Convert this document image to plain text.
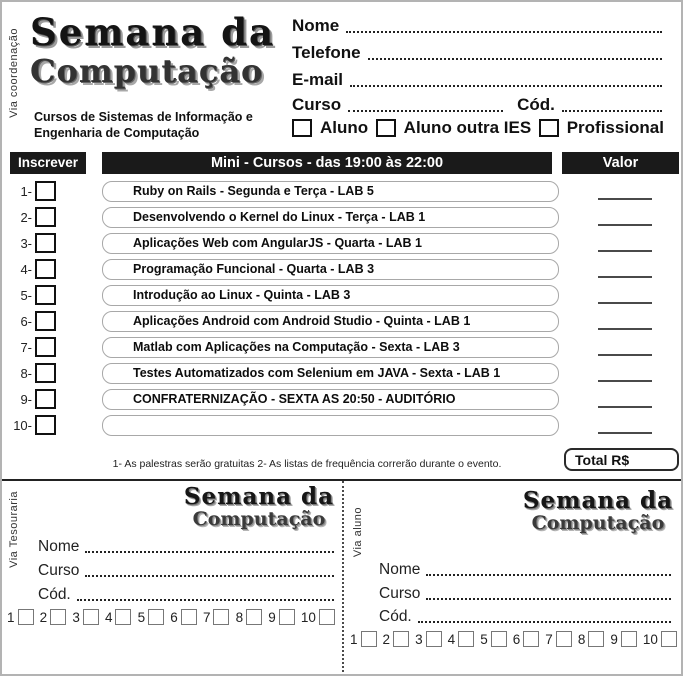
Via coordenação Semana da
Computação
Cursos de Sistemas de Informação e
Engenharia de Computação
Nome
Telefone
E-mail
Curso	Cód.
Aluno Aluno outra IES Profissional
Inscrever	Mini - Cursos - das 19:00 às 22:00	Valor
1-	Ruby on Rails - Segunda e Terça - LAB 5
2-	Desenvolvendo o Kernel do Linux - Terça - LAB 1
3-	Aplicações Web com AngularJS - Quarta - LAB 1
4-	Programação Funcional - Quarta - LAB 3
5-	Introdução ao Linux - Quinta - LAB 3
6-	Aplicações Android com Android Studio - Quinta - LAB 1
7-	Matlab com Aplicações na Computação - Sexta - LAB 3
8-	Testes Automatizados com Selenium em JAVA - Sexta - LAB 1
9-	CONFRATERNIZAÇÃO - SEXTA AS 20:50 - AUDITÓRIO
10-
1- As palestras serão gratuitas 2- As listas de frequência correrão durante o evento.	Total R$
Via Tesouraria	Semana da
Computação
Nome
Curso
Cód.
1 2 3 4 5 6 7 8 9 10
Via aluno
Semana da
Computação
Nome
Curso
Cód.
1 2 3 4 5 6 7 8 9 10
